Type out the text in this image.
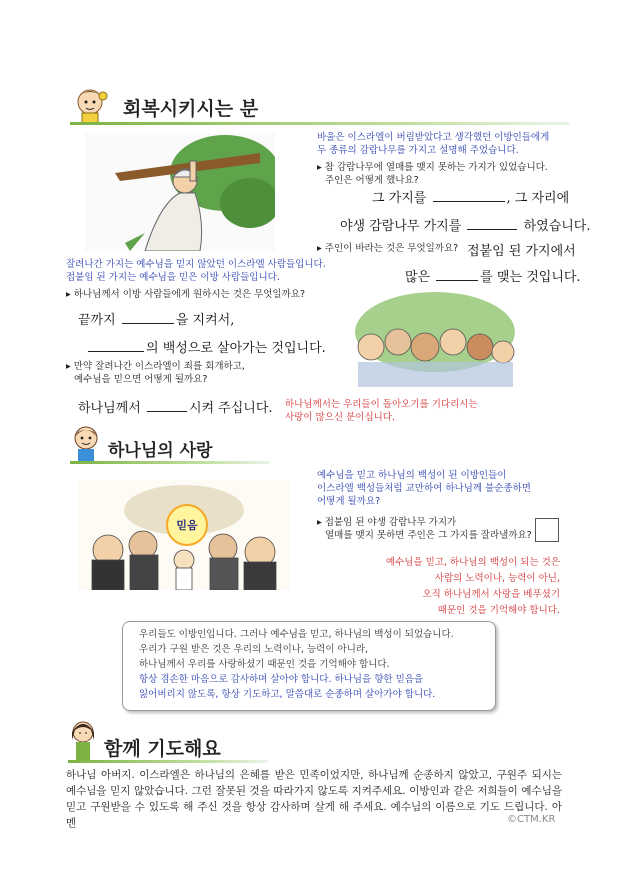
회복시키시는 분
바울은 이스라엘이 버림받았다고 생각했던 이방인들에게
두 종류의 감람나무를 가지고 설명해 주었습니다.
▸ 참 감람나무에 열매를 맺지 못하는 가지가 있었습니다.
주인은 어떻게 했나요?
그 가지를	, 그 자리에
야생 감람나무 가지를	하였습니다.
▸ 주인이 바라는 것은 무엇일까요? 접붙임 된 가지에서
많은	를 맺는 것입니다.
잘려나간 가지는 예수님을 믿지 않았던 이스라엘 사람들입니다.
접붙임 된 가지는 예수님을 믿은 이방 사람들입니다.
▸ 하나님께서 이방 사람들에게 원하시는 것은 무엇일까요?
끝까지	을 지켜서,
의 백성으로 살아가는 것입니다.
▸ 만약 잘려나간 이스라엘이 죄를 회개하고,
예수님을 믿으면 어떻게 될까요?
하나님께서	시켜 주십니다. 하나님께서는 우리들이 돌아오기를 기다리시는
사랑이 많으신 분이십니다.
하나님의 사랑
예수님을 믿고 하나님의 백성이 된 이방인들이
이스라엘 백성들처럼 교만하여 하나님께 불순종하면
어떻게 될까요?
▸ 접붙임 된 야생 감람나무 가지가
열매를 맺지 못하면 주인은 그 가지를 잘라낼까요?
믿음
예수님을 믿고, 하나님의 백성이 되는 것은
사람의 노력이나, 능력이 아닌,
오직 하나님께서 사랑을 베푸셨기
때문인 것을 기억해야 합니다.
우리들도 이방인입니다. 그러나 예수님을 믿고, 하나님의 백성이 되었습니다.
우리가 구원 받은 것은 우리의 노력이나, 능력이 아니라,
하나님께서 우리를 사랑하셨기 때문인 것을 기억해야 합니다.
항상 겸손한 마음으로 감사하며 살아야 합니다. 하나님을 향한 믿음을
잃어버리지 않도록, 항상 기도하고, 말씀대로 순종하며 살아가야 합니다.
함께 기도해요
하나님 아버지. 이스라엘은 하나님의 은혜를 받은 민족이었지만, 하나님께 순종하지 않았고, 구원주 되시는 예수님을 믿지 않았습니다. 그런 잘못된 것을 따라가지 않도록 지켜주세요. 이방인과 같은 저희들이 예수님을 믿고 구원받을 수 있도록 해 주신 것을 항상 감사하며 살게 해 주세요. 예수님의 이름으로 기도 드립니다. 아멘	©CTM.KR
